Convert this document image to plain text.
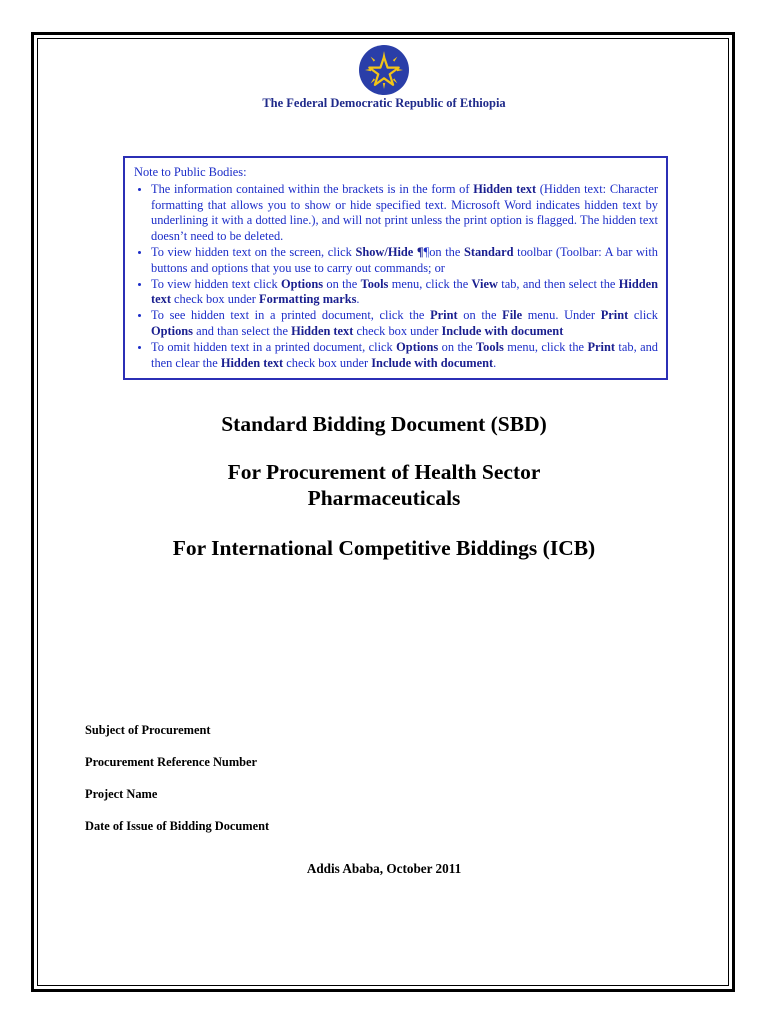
The Federal Democratic Republic of Ethiopia
Note to Public Bodies:
• The information contained within the brackets is in the form of Hidden text (Hidden text: Character formatting that allows you to show or hide specified text. Microsoft Word indicates hidden text by underlining it with a dotted line.), and will not print unless the print option is flagged. The hidden text doesn’t need to be deleted.
• To view hidden text on the screen, click Show/Hide ¶¶on the Standard toolbar (Toolbar: A bar with buttons and options that you use to carry out commands; or
• To view hidden text click Options on the Tools menu, click the View tab, and then select the Hidden text check box under Formatting marks.
• To see hidden text in a printed document, click the Print on the File menu. Under Print click Options and than select the Hidden text check box under Include with document
• To omit hidden text in a printed document, click Options on the Tools menu, click the Print tab, and then clear the Hidden text check box under Include with document.
Standard Bidding Document (SBD)
For Procurement of Health Sector
Pharmaceuticals
For International Competitive Biddings (ICB)
Subject of Procurement
Procurement Reference Number
Project Name
Date of Issue of Bidding Document
Addis Ababa, October 2011
